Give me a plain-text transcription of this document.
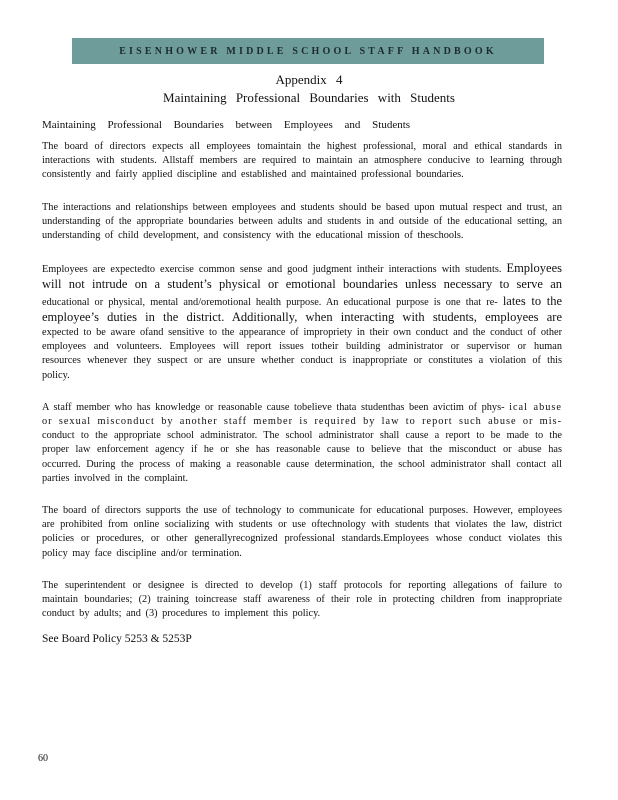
EISENHOWER MIDDLE SCHOOL STAFF HANDBOOK
Appendix 4
Maintaining Professional Boundaries with Students
Maintaining Professional Boundaries between Employees and Students

The board of directors expects all employees tomaintain the highest professional, moral and ethical standards in interactions with students. Allstaff members are required to maintain an atmosphere conducive to learning through consistently and fairly applied discipline and established and maintained professional boundaries.

The interactions and relationships between employees and students should be based upon mutual respect and trust, an understanding of the appropriate boundaries between adults and students in and outside of the educational setting, an understanding of child development, and consistency with the educational mission of theschools.

Employees are expectedto exercise common sense and good judgment intheir interactions with students. Employees will not intrude on a student’s physical or emotional boundaries unless necessary to serve an educational or physical, mental and/oremotional health purpose. An educational purpose is one that re- lates to the employee’s duties in the district. Additionally, when interacting with students, employees are expected to be aware ofand sensitive to the appearance of impropriety in their own conduct and the conduct of other employees and volunteers. Employees will report issues totheir building administrator or supervisor or human resources whenever they suspect or are unsure whether conduct is inappropriate or constitutes a violation of this policy.

A staff member who has knowledge or reasonable cause tobelieve thata studenthas been avictim of phys- ical abuse or sexual misconduct by another staff member is required by law to report such abuse or mis- conduct to the appropriate school administrator. The school administrator shall cause a report to be made to the proper law enforcement agency if he or she has reasonable cause to believe that the misconduct or abuse has occurred. During the process of making a reasonable cause determination, the school administrator shall contact all parties involved in the complaint.

The board of directors supports the use of technology to communicate for educational purposes. However, employees are prohibited from online socializing with students or use oftechnology with students that violates the law, district policies or procedures, or other generallyrecognized professional standards.Employees whose conduct violates this policy may face discipline and/or termination.

The superintendent or designee is directed to develop (1) staff protocols for reporting allegations of failure to maintain boundaries; (2) training toincrease staff awareness of their role in protecting children from inappropriate conduct by adults; and (3) procedures to implement this policy.

See Board Policy 5253 & 5253P
60
